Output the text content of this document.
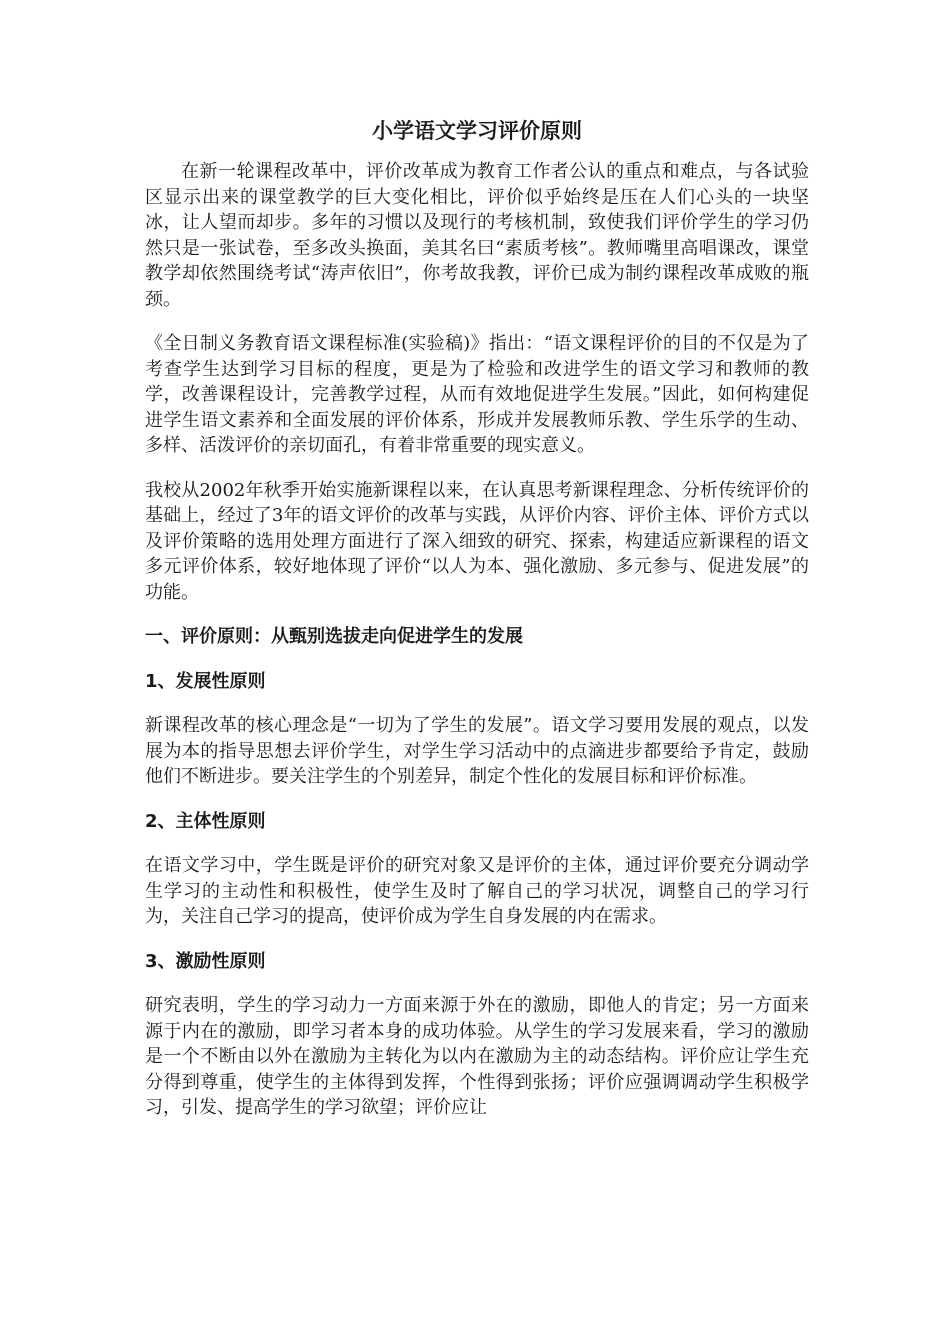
小学语文学习评价原则

在新一轮课程改革中，评价改革成为教育工作者公认的重点和难点，与各试验区显示出来的课堂教学的巨大变化相比，评价似乎始终是压在人们心头的一块坚冰，让人望而却步。多年的习惯以及现行的考核机制，致使我们评价学生的学习仍然只是一张试卷，至多改头换面，美其名曰“素质考核”。教师嘴里高唱课改，课堂教学却依然围绕考试“涛声依旧”，你考故我教，评价已成为制约课程改革成败的瓶颈。

《全日制义务教育语文课程标准(实验稿)》指出：“语文课程评价的目的不仅是为了考查学生达到学习目标的程度，更是为了检验和改进学生的语文学习和教师的教学，改善课程设计，完善教学过程，从而有效地促进学生发展。”因此，如何构建促进学生语文素养和全面发展的评价体系，形成并发展教师乐教、学生乐学的生动、多样、活泼评价的亲切面孔，有着非常重要的现实意义。

我校从2002年秋季开始实施新课程以来，在认真思考新课程理念、分析传统评价的基础上，经过了3年的语文评价的改革与实践，从评价内容、评价主体、评价方式以及评价策略的选用处理方面进行了深入细致的研究、探索，构建适应新课程的语文多元评价体系，较好地体现了评价“以人为本、强化激励、多元参与、促进发展”的功能。

一、评价原则：从甄别选拔走向促进学生的发展
1、发展性原则

新课程改革的核心理念是“一切为了学生的发展”。语文学习要用发展的观点，以发展为本的指导思想去评价学生，对学生学习活动中的点滴进步都要给予肯定，鼓励他们不断进步。要关注学生的个别差异，制定个性化的发展目标和评价标准。

2、主体性原则

在语文学习中，学生既是评价的研究对象又是评价的主体，通过评价要充分调动学生学习的主动性和积极性，使学生及时了解自己的学习状况，调整自己的学习行为，关注自己学习的提高，使评价成为学生自身发展的内在需求。

3、激励性原则

研究表明，学生的学习动力一方面来源于外在的激励，即他人的肯定；另一方面来源于内在的激励，即学习者本身的成功体验。从学生的学习发展来看，学习的激励是一个不断由以外在激励为主转化为以内在激励为主的动态结构。评价应让学生充分得到尊重，使学生的主体得到发挥，个性得到张扬；评价应强调调动学生积极学习，引发、提高学生的学习欲望；评价应让
